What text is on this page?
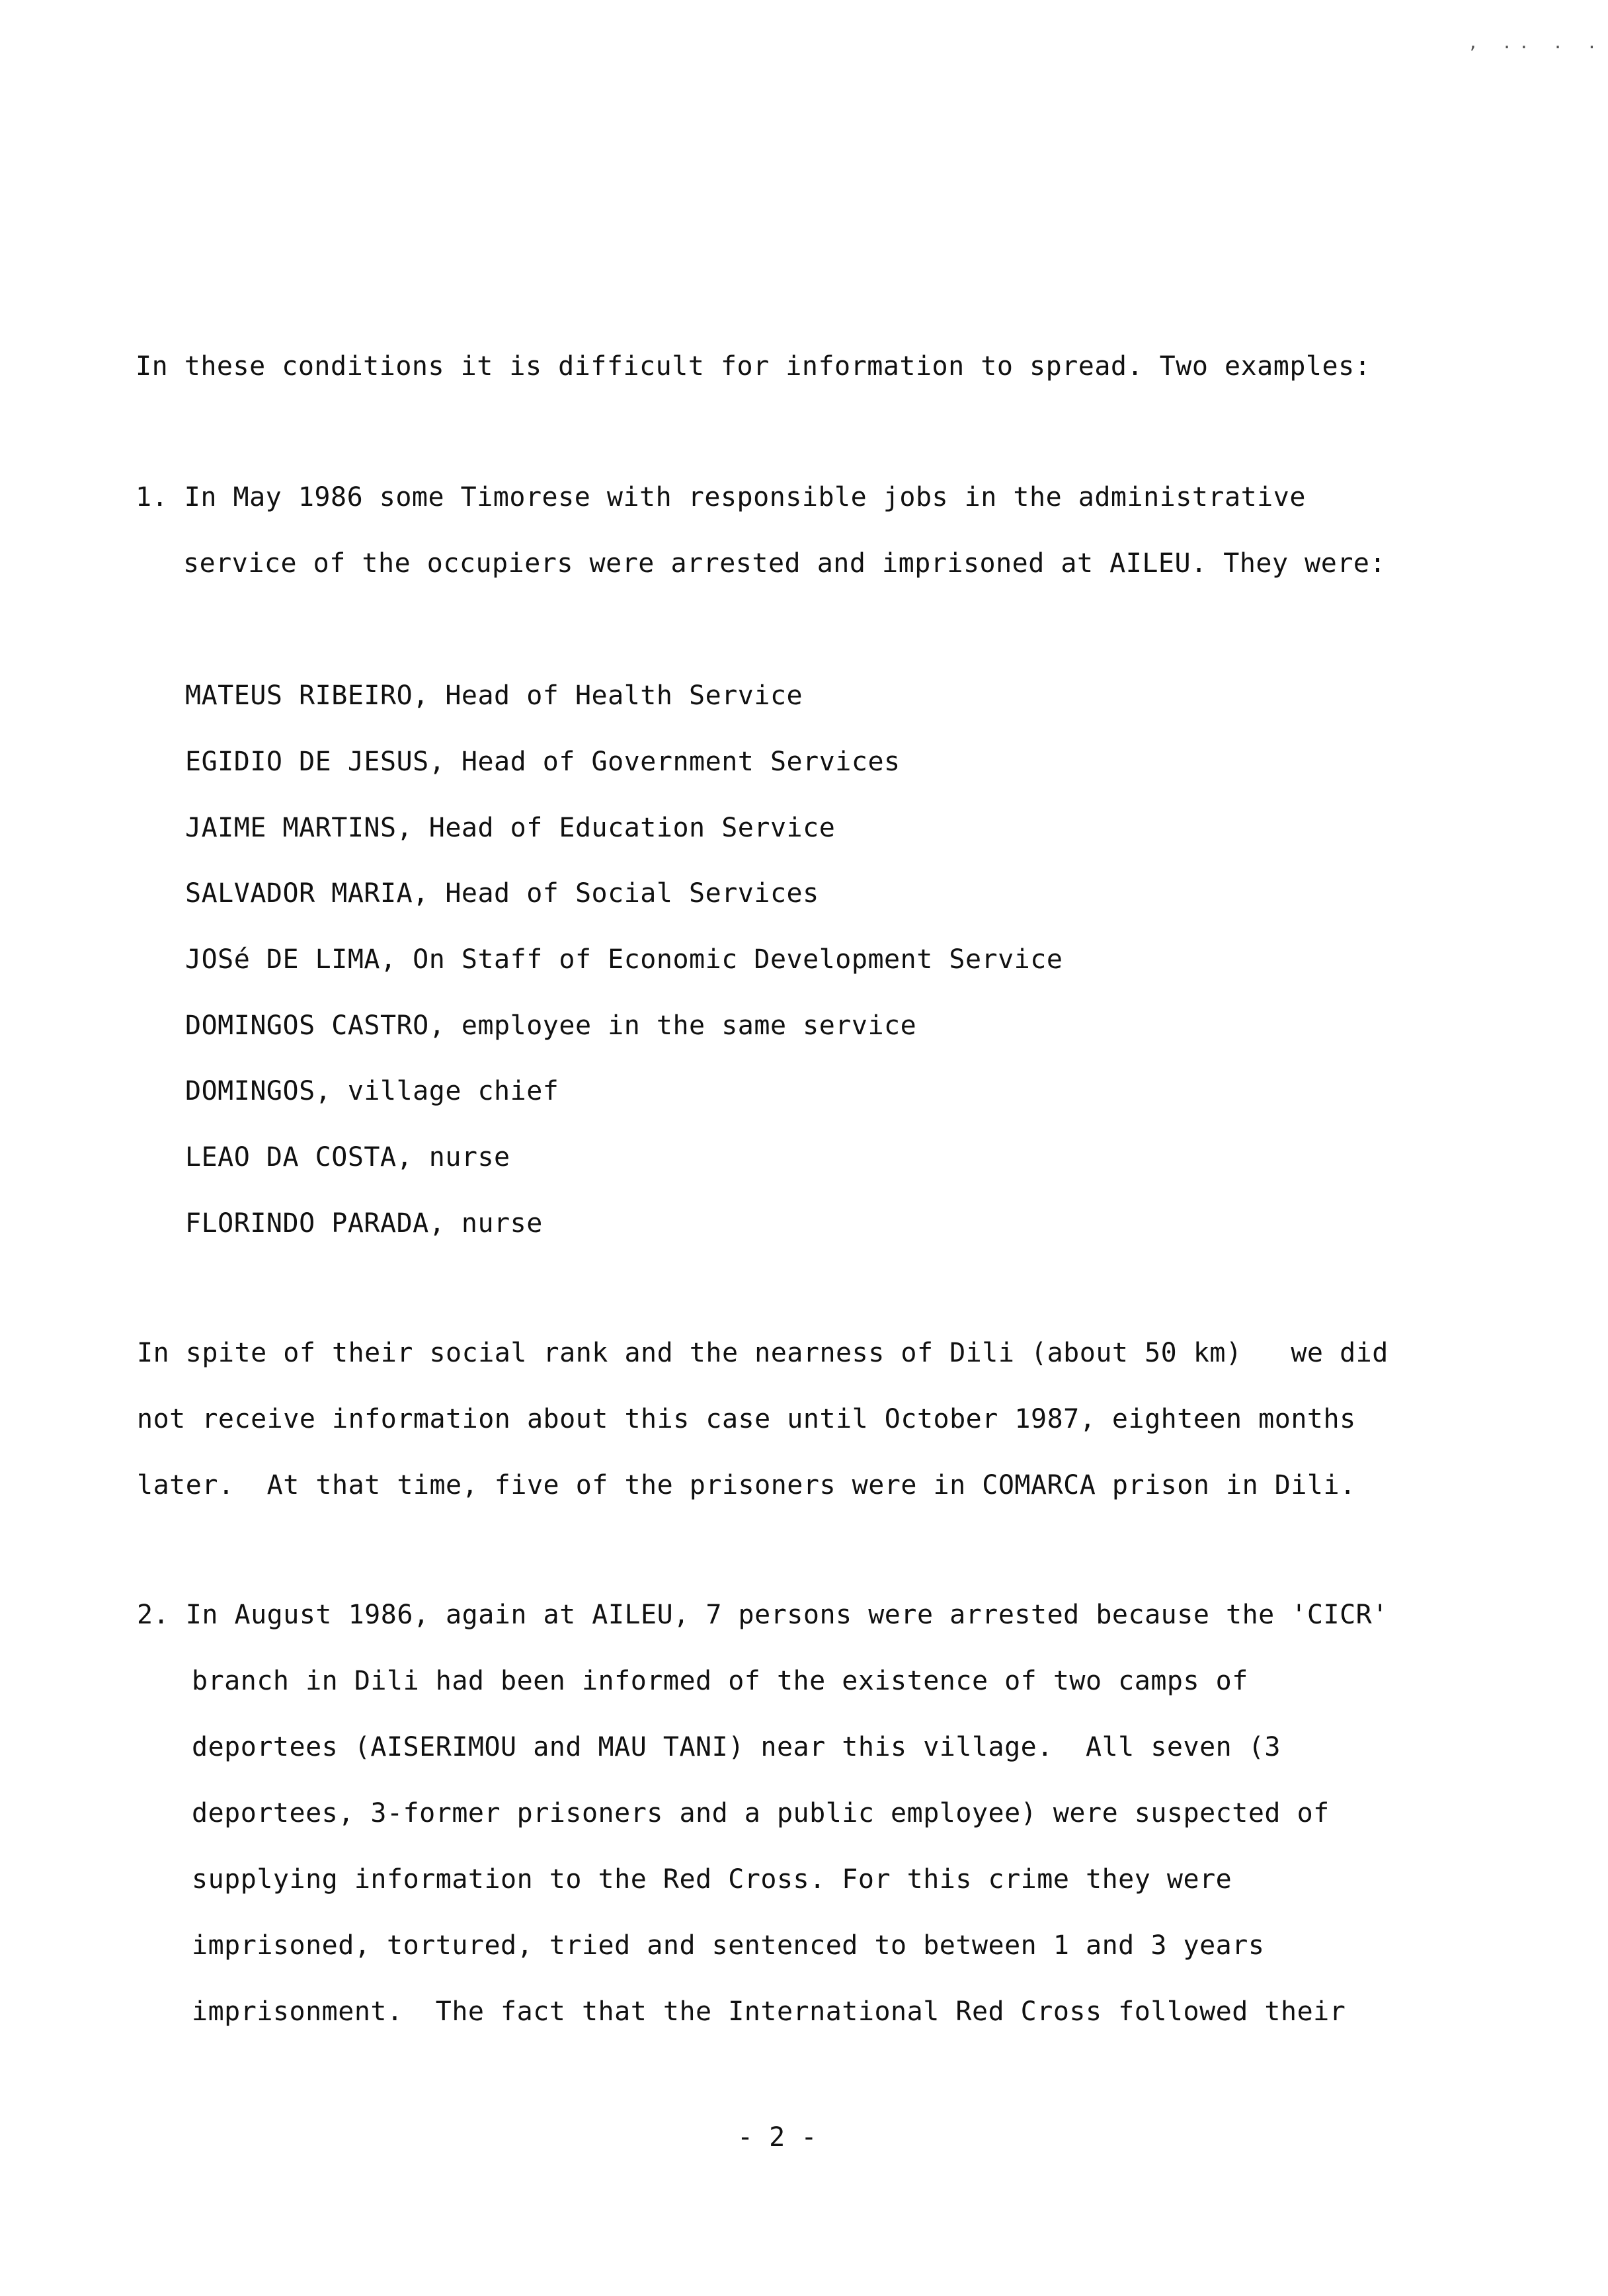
, .. . .
In these conditions it is difficult for information to spread. Two examples:
1. In May 1986 some Timorese with responsible jobs in the administrative
service of the occupiers were arrested and imprisoned at AILEU. They were:
MATEUS RIBEIRO, Head of Health Service
EGIDIO DE JESUS, Head of Government Services
JAIME MARTINS, Head of Education Service
SALVADOR MARIA, Head of Social Services
JOSé DE LIMA, On Staff of Economic Development Service
DOMINGOS CASTRO, employee in the same service
DOMINGOS, village chief
LEAO DA COSTA, nurse
FLORINDO PARADA, nurse
In spite of their social rank and the nearness of Dili (about 50 km)   we did
not receive information about this case until October 1987, eighteen months
later.  At that time, five of the prisoners were in COMARCA prison in Dili.
2. In August 1986, again at AILEU, 7 persons were arrested because the 'CICR'
branch in Dili had been informed of the existence of two camps of
deportees (AISERIMOU and MAU TANI) near this village.  All seven (3
deportees, 3-former prisoners and a public employee) were suspected of
supplying information to the Red Cross. For this crime they were
imprisoned, tortured, tried and sentenced to between 1 and 3 years
imprisonment.  The fact that the International Red Cross followed their
- 2 -
